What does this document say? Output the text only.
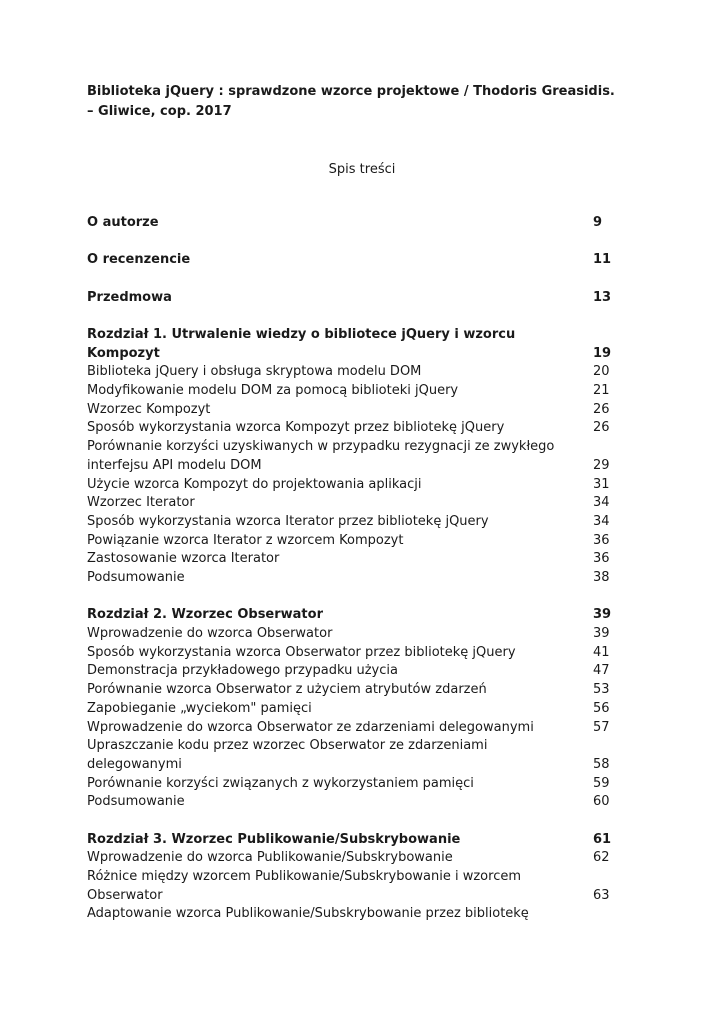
Biblioteka jQuery : sprawdzone wzorce projektowe / Thodoris Greasidis.
– Gliwice, cop. 2017
Spis treści
O autorze	9
O recenzencie	11
Przedmowa	13
Rozdział 1. Utrwalenie wiedzy o bibliotece jQuery i wzorcu Kompozyt	19
Biblioteka jQuery i obsługa skryptowa modelu DOM	20
Modyfikowanie modelu DOM za pomocą biblioteki jQuery	21
Wzorzec Kompozyt	26
Sposób wykorzystania wzorca Kompozyt przez bibliotekę jQuery	26
Porównanie korzyści uzyskiwanych w przypadku rezygnacji ze zwykłego interfejsu API modelu DOM	29
Użycie wzorca Kompozyt do projektowania aplikacji	31
Wzorzec Iterator	34
Sposób wykorzystania wzorca Iterator przez bibliotekę jQuery	34
Powiązanie wzorca Iterator z wzorcem Kompozyt	36
Zastosowanie wzorca Iterator	36
Podsumowanie	38
Rozdział 2. Wzorzec Obserwator	39
Wprowadzenie do wzorca Obserwator	39
Sposób wykorzystania wzorca Obserwator przez bibliotekę jQuery	41
Demonstracja przykładowego przypadku użycia	47
Porównanie wzorca Obserwator z użyciem atrybutów zdarzeń	53
Zapobieganie „wyciekom" pamięci	56
Wprowadzenie do wzorca Obserwator ze zdarzeniami delegowanymi	57
Upraszczanie kodu przez wzorzec Obserwator ze zdarzeniami delegowanymi	58
Porównanie korzyści związanych z wykorzystaniem pamięci	59
Podsumowanie	60
Rozdział 3. Wzorzec Publikowanie/Subskrybowanie	61
Wprowadzenie do wzorca Publikowanie/Subskrybowanie	62
Różnice między wzorcem Publikowanie/Subskrybowanie i wzorcem Obserwator	63
Adaptowanie wzorca Publikowanie/Subskrybowanie przez bibliotekę
